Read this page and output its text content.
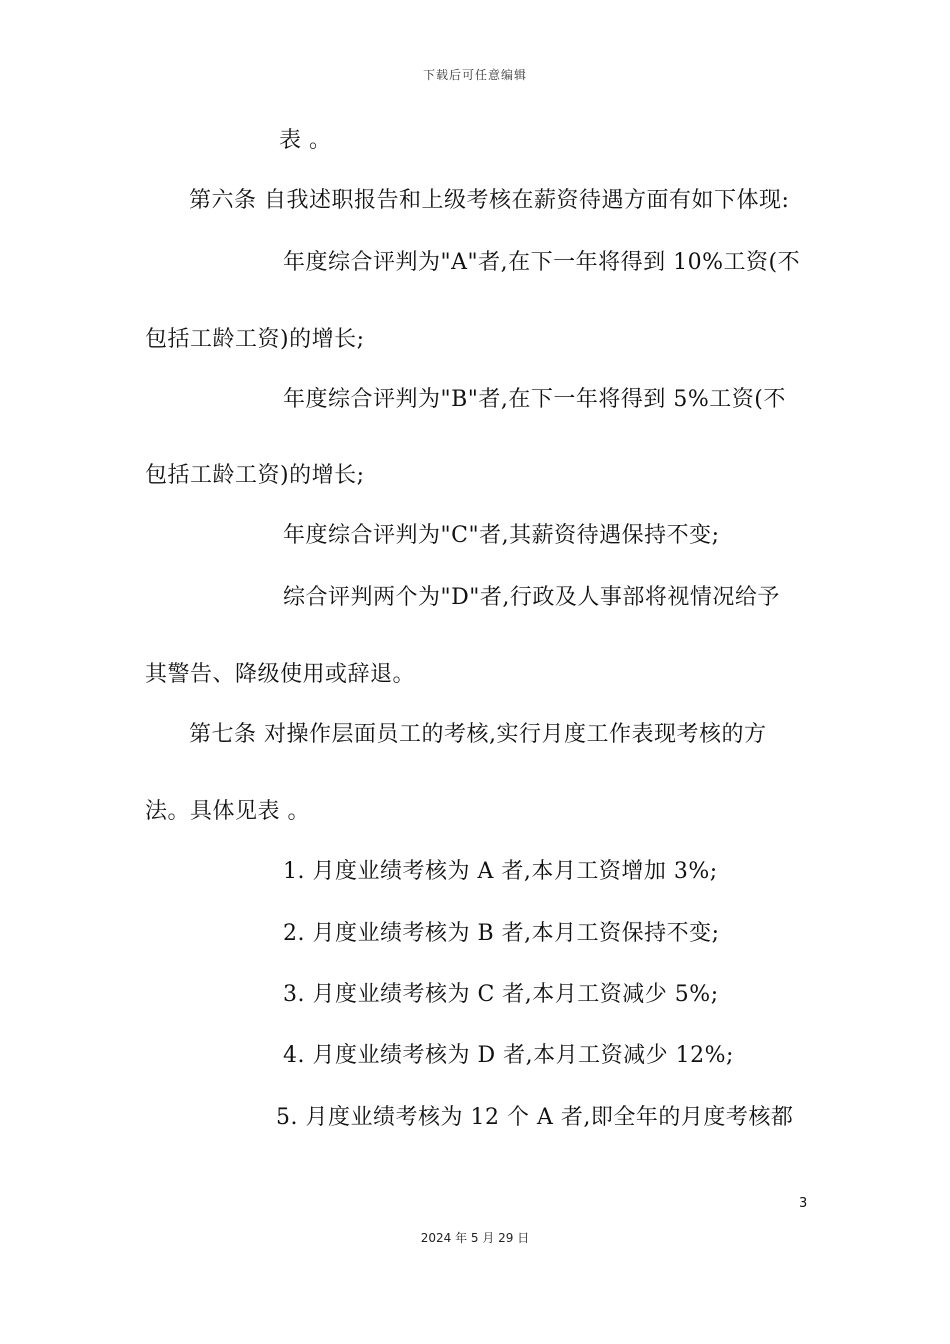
下载后可任意编辑
表 。
第六条 自我述职报告和上级考核在薪资待遇方面有如下体现:
年度综合评判为"A"者,在下一年将得到 10%工资(不
包括工龄工资)的增长;
年度综合评判为"B"者,在下一年将得到 5%工资(不
包括工龄工资)的增长;
年度综合评判为"C"者,其薪资待遇保持不变;
综合评判两个为"D"者,行政及人事部将视情况给予
其警告、降级使用或辞退。
第七条 对操作层面员工的考核,实行月度工作表现考核的方
法。具体见表 。
1. 月度业绩考核为 A 者,本月工资增加 3%;
2. 月度业绩考核为 B 者,本月工资保持不变;
3. 月度业绩考核为 C 者,本月工资减少 5%;
4. 月度业绩考核为 D 者,本月工资减少 12%;
5. 月度业绩考核为 12 个 A 者,即全年的月度考核都
3
2024 年 5 月 29 日
